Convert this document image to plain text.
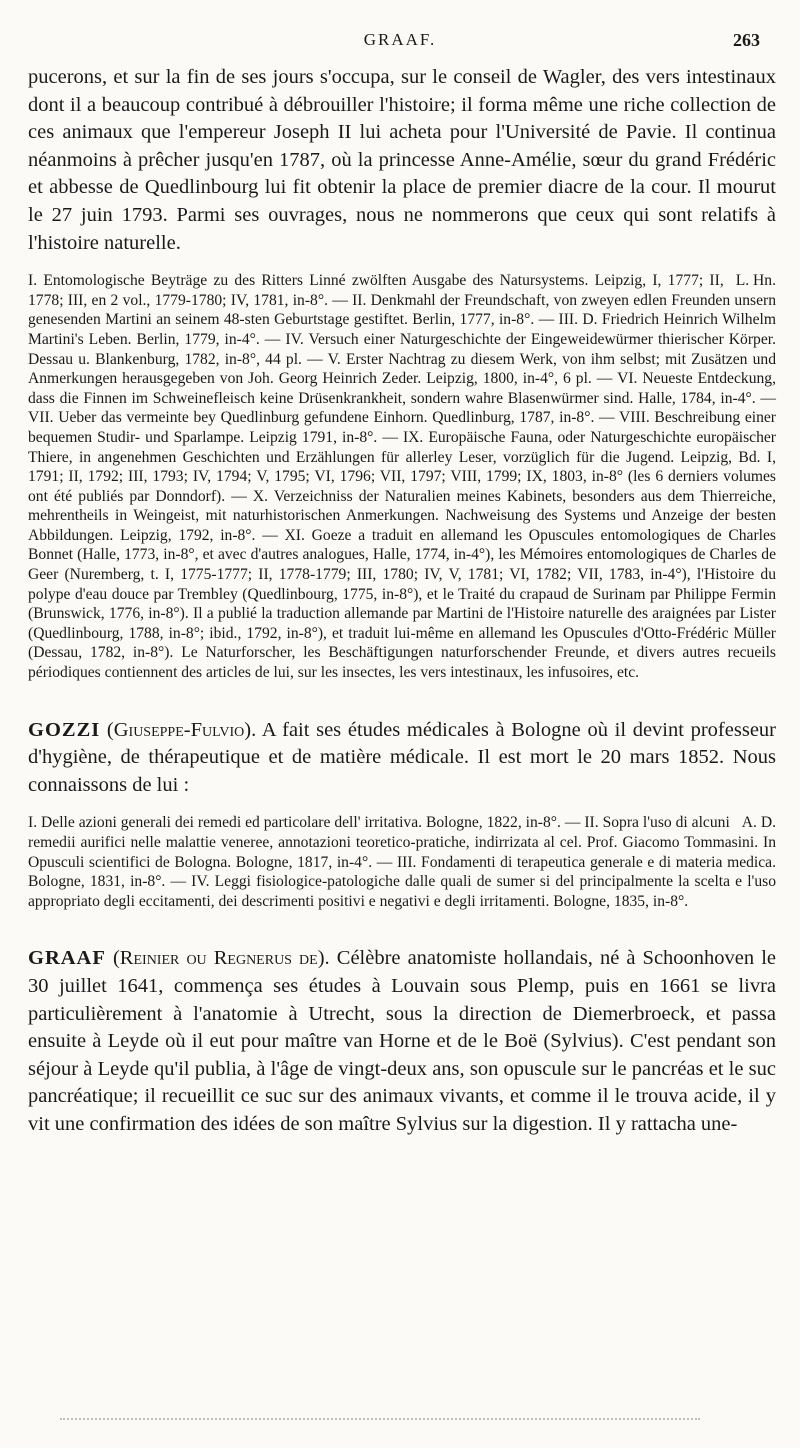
GRAAF.	263

pucerons, et sur la fin de ses jours s'occupa, sur le conseil de Wagler, des vers intestinaux dont il a beaucoup contribué à débrouiller l'histoire; il forma même une riche collection de ces animaux que l'empereur Joseph II lui acheta pour l'Université de Pavie. Il continua néanmoins à prêcher jusqu'en 1787, où la princesse Anne-Amélie, sœur du grand Frédéric et abbesse de Quedlinbourg lui fit obtenir la place de premier diacre de la cour. Il mourut le 27 juin 1793. Parmi ses ouvrages, nous ne nommerons que ceux qui sont relatifs à l'histoire naturelle.

L. Hn.
I. Entomologische Beyträge zu des Ritters Linné zwölften Ausgabe des Natursystems. Leipzig, I, 1777; II, 1778; III, en 2 vol., 1779-1780; IV, 1781, in-8°. — II. Denkmahl der Freundschaft, von zweyen edlen Freunden unsern genesenden Martini an seinem 48-sten Geburtstage gestiftet. Berlin, 1777, in-8°. — III. D. Friedrich Heinrich Wilhelm Martini's Leben. Berlin, 1779, in-4°. — IV. Versuch einer Naturgeschichte der Eingeweidewürmer thierischer Körper. Dessau u. Blankenburg, 1782, in-8°, 44 pl. — V. Erster Nachtrag zu diesem Werk, von ihm selbst; mit Zusätzen und Anmerkungen herausgegeben von Joh. Georg Heinrich Zeder. Leipzig, 1800, in-4°, 6 pl. — VI. Neueste Entdeckung, dass die Finnen im Schweinefleisch keine Drüsenkrankheit, sondern wahre Blasenwürmer sind. Halle, 1784, in-4°. — VII. Ueber das vermeinte bey Quedlinburg gefundene Einhorn. Quedlinburg, 1787, in-8°. — VIII. Beschreibung einer bequemen Studir- und Sparlampe. Leipzig 1791, in-8°. — IX. Europäische Fauna, oder Naturgeschichte europäischer Thiere, in angenehmen Geschichten und Erzählungen für allerley Leser, vorzüglich für die Jugend. Leipzig, Bd. I, 1791; II, 1792; III, 1793; IV, 1794; V, 1795; VI, 1796; VII, 1797; VIII, 1799; IX, 1803, in-8° (les 6 derniers volumes ont été publiés par Donndorf). — X. Verzeichniss der Naturalien meines Kabinets, besonders aus dem Thierreiche, mehrentheils in Weingeist, mit naturhistorischen Anmerkungen. Nachweisung des Systems und Anzeige der besten Abbildungen. Leipzig, 1792, in-8°. — XI. Goeze a traduit en allemand les Opuscules entomologiques de Charles Bonnet (Halle, 1773, in-8°, et avec d'autres analogues, Halle, 1774, in-4°), les Mémoires entomologiques de Charles de Geer (Nuremberg, t. I, 1775-1777; II, 1778-1779; III, 1780; IV, V, 1781; VI, 1782; VII, 1783, in-4°), l'Histoire du polype d'eau douce par Trembley (Quedlinbourg, 1775, in-8°), et le Traité du crapaud de Surinam par Philippe Fermin (Brunswick, 1776, in-8°). Il a publié la traduction allemande par Martini de l'Histoire naturelle des araignées par Lister (Quedlinbourg, 1788, in-8°; ibid., 1792, in-8°), et traduit lui-même en allemand les Opuscules d'Otto-Frédéric Müller (Dessau, 1782, in-8°). Le Naturforscher, les Beschäftigungen naturforschender Freunde, et divers autres recueils périodiques contiennent des articles de lui, sur les insectes, les vers intestinaux, les infusoires, etc.

GOZZI (Giuseppe-Fulvio). A fait ses études médicales à Bologne où il devint professeur d'hygiène, de thérapeutique et de matière médicale. Il est mort le 20 mars 1852. Nous connaissons de lui :

A. D.
I. Delle azioni generali dei remedi ed particolare dell' irritativa. Bologne, 1822, in-8°. — II. Sopra l'uso di alcuni remedii aurifici nelle malattie veneree, annotazioni teoretico-pratiche, indirrizata al cel. Prof. Giacomo Tommasini. In Opusculi scientifici de Bologna. Bologne, 1817, in-4°. — III. Fondamenti di terapeutica generale e di materia medica. Bologne, 1831, in-8°. — IV. Leggi fisiologice-patologiche dalle quali de sumer si del principalmente la scelta e l'uso appropriato degli eccitamenti, dei descrimenti positivi e negativi e degli irritamenti. Bologne, 1835, in-8°.

GRAAF (Reinier ou Regnerus de). Célèbre anatomiste hollandais, né à Schoonhoven le 30 juillet 1641, commença ses études à Louvain sous Plemp, puis en 1661 se livra particulièrement à l'anatomie à Utrecht, sous la direction de Diemerbroeck, et passa ensuite à Leyde où il eut pour maître van Horne et de le Boë (Sylvius). C'est pendant son séjour à Leyde qu'il publia, à l'âge de vingt-deux ans, son opuscule sur le pancréas et le suc pancréatique; il recueillit ce suc sur des animaux vivants, et comme il le trouva acide, il y vit une confirmation des idées de son maître Sylvius sur la digestion. Il y rattacha une-
